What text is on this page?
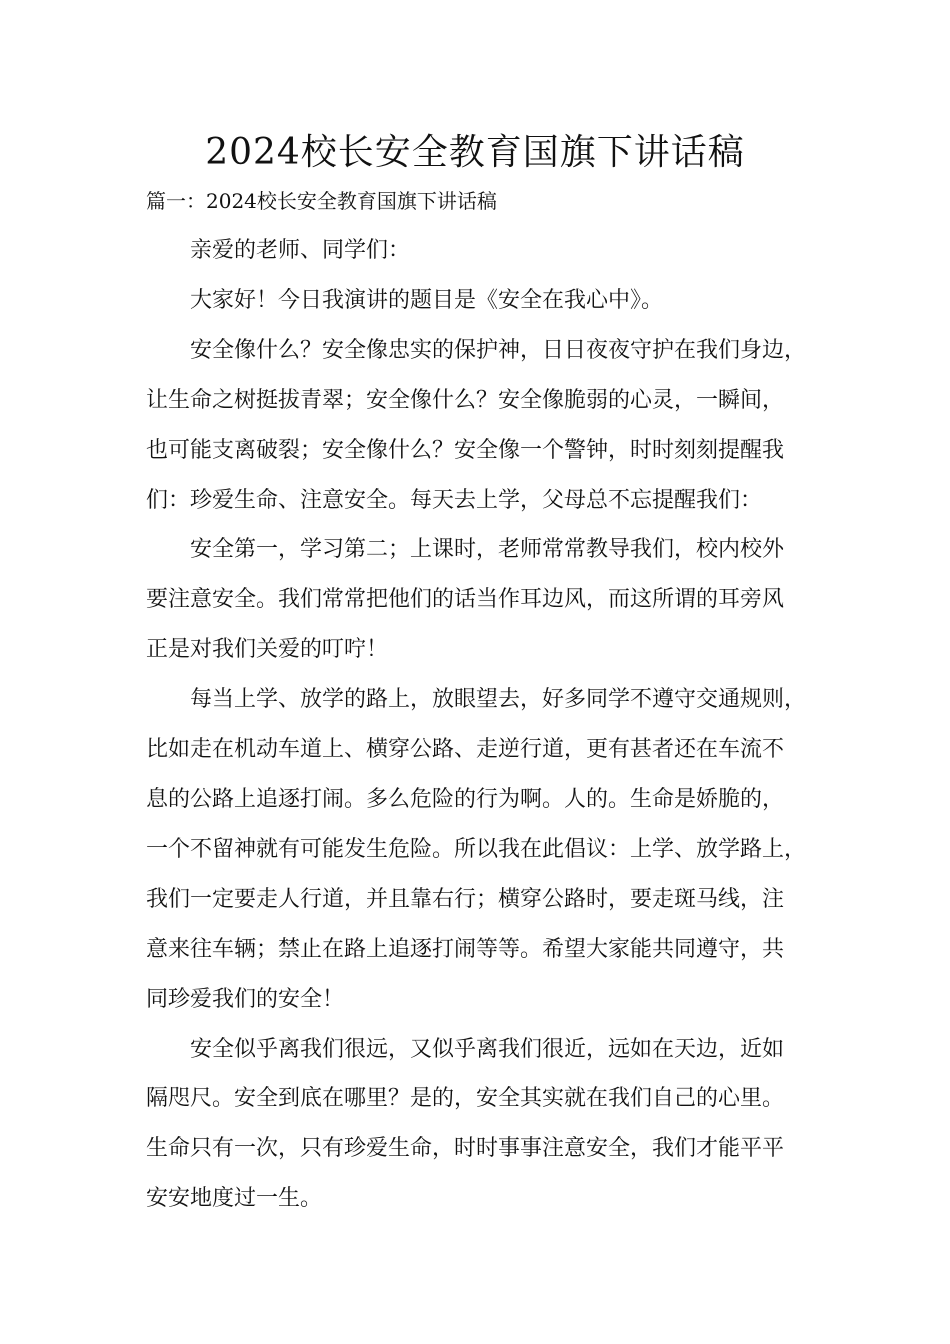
2024校长安全教育国旗下讲话稿
篇一：2024校长安全教育国旗下讲话稿

亲爱的老师、同学们：

大家好！今日我演讲的题目是《安全在我心中》。

安全像什么？安全像忠实的保护神，日日夜夜守护在我们身边，
让生命之树挺拔青翠；安全像什么？安全像脆弱的心灵，一瞬间，
也可能支离破裂；安全像什么？安全像一个警钟，时时刻刻提醒我
们：珍爱生命、注意安全。每天去上学，父母总不忘提醒我们：

安全第一，学习第二；上课时，老师常常教导我们，校内校外
要注意安全。我们常常把他们的话当作耳边风，而这所谓的耳旁风
正是对我们关爱的叮咛！

每当上学、放学的路上，放眼望去，好多同学不遵守交通规则，
比如走在机动车道上、横穿公路、走逆行道，更有甚者还在车流不
息的公路上追逐打闹。多么危险的行为啊。人的。生命是娇脆的，
一个不留神就有可能发生危险。所以我在此倡议：上学、放学路上，
我们一定要走人行道，并且靠右行；横穿公路时，要走斑马线，注
意来往车辆；禁止在路上追逐打闹等等。希望大家能共同遵守，共
同珍爱我们的安全！

安全似乎离我们很远，又似乎离我们很近，远如在天边，近如
隔咫尺。安全到底在哪里？是的，安全其实就在我们自己的心里。
生命只有一次，只有珍爱生命，时时事事注意安全，我们才能平平
安安地度过一生。
